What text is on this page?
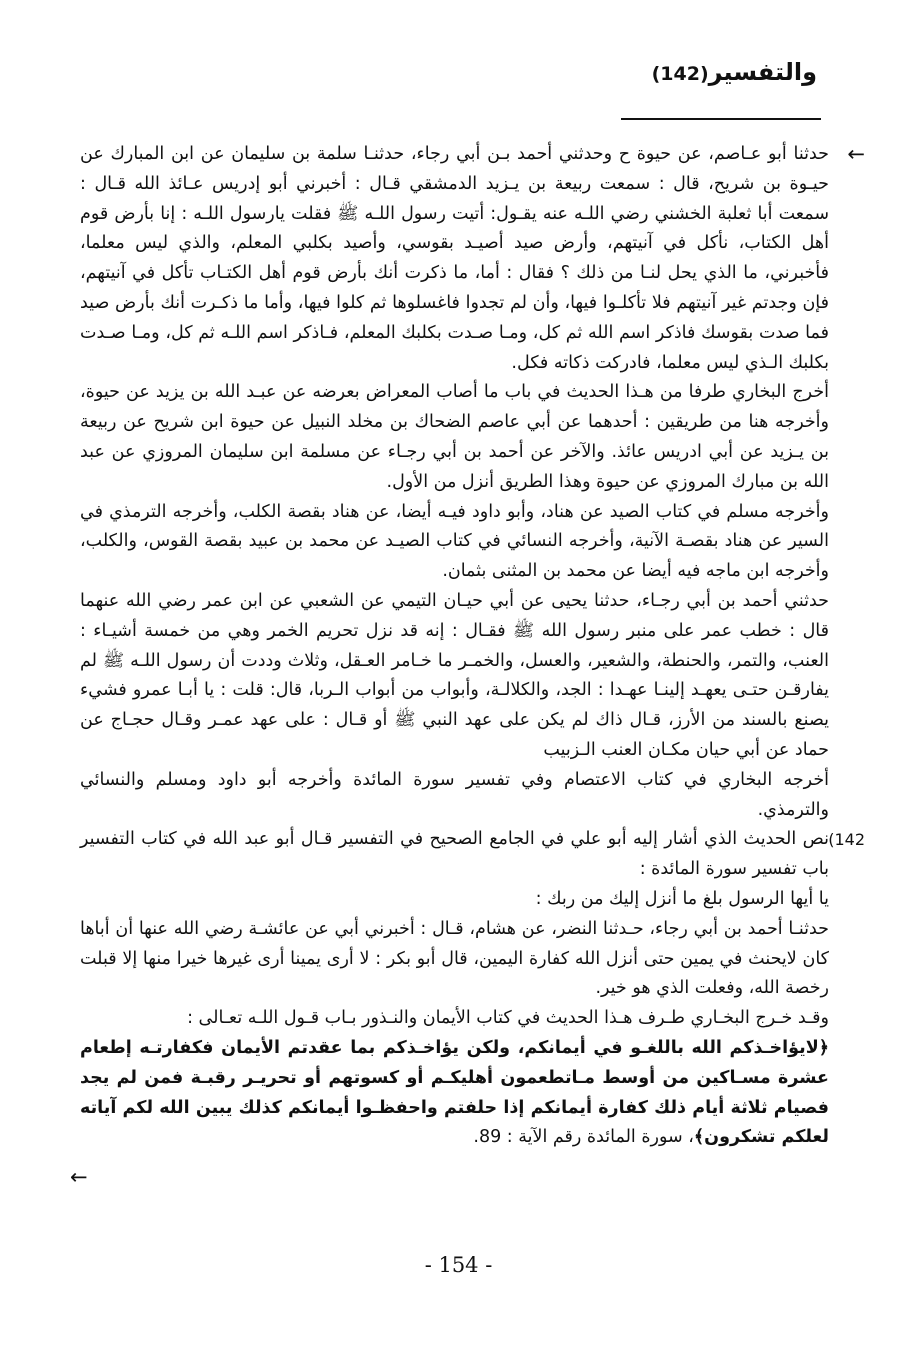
والتفسير(142)
←

حدثنا أبو عـاصم، عن حيوة ح وحدثني أحمد بـن أبي رجاء، حدثنـا سلمة بن سليمان عن ابن المبارك عن حيـوة بن شريح، قال : سمعت ربيعة بن يـزيد الدمشقي قـال : أخبرني أبو إدريس عـائذ الله قـال : سمعت أبا ثعلبة الخشني رضي اللـه عنه يقـول: أتيت رسول اللـه ﷺ فقلت يارسول اللـه : إنا بأرض قوم أهل الكتاب، نأكل في آنيتهم، وأرض صيد أصيـد بقوسي، وأصيد بكلبي المعلم، والذي ليس معلما، فأخبرني، ما الذي يحل لنـا من ذلك ؟ فقال : أما، ما ذكرت أنك بأرض قوم أهل الكتـاب تأكل في آنيتهم، فإن وجدتم غير آنيتهم فلا تأكلـوا فيها، وأن لم تجدوا فاغسلوها ثم كلوا فيها، وأما ما ذكـرت أنك بأرض صيد فما صدت بقوسك فاذكر اسم الله ثم كل، ومـا صـدت بكلبك المعلم، فـاذكر اسم اللـه ثم كل، ومـا صـدت بكلبك الـذي ليس معلما، فادركت ذكاته فكل.

أخرج البخاري طرفا من هـذا الحديث في باب ما أصاب المعراض بعرضه عن عبـد الله بن يزيد عن حيوة، وأخرجه هنا من طريقين : أحدهما عن أبي عاصم الضحاك بن مخلد النبيل عن حيوة ابن شريح عن ربيعة بن يـزيد عن أبي ادريس عائذ. والآخر عن أحمد بن أبي رجـاء عن مسلمة ابن سليمان المروزي عن عبد الله بن مبارك المروزي عن حيوة وهذا الطريق أنزل من الأول.

وأخرجه مسلم في كتاب الصيد عن هناد، وأبو داود فيـه أيضا، عن هناد بقصة الكلب، وأخرجه الترمذي في السير عن هناد بقصـة الآنية، وأخرجه النسائي في كتاب الصيـد عن محمد بن عبيد بقصة القوس، والكلب، وأخرجه ابن ماجه فيه أيضا عن محمد بن المثنى بثمان.

حدثني أحمد بن أبي رجـاء، حدثنا يحيى عن أبي حيـان التيمي عن الشعبي عن ابن عمر رضي الله عنهما قال : خطب عمر على منبر رسول الله ﷺ فقـال : إنه قد نزل تحريم الخمر وهي من خمسة أشيـاء : العنب، والتمر، والحنطة، والشعير، والعسل، والخمـر ما خـامر العـقل، وثلاث وددت أن رسول اللـه ﷺ لم يفارقـن حتـى يعهـد إلينـا عهـدا : الجد، والكلالـة، وأبواب من أبواب الـربا، قال: قلت : يا أبـا عمرو فشيء يصنع بالسند من الأرز، قـال ذاك لم يكن على عهد النبي ﷺ أو قـال : على عهد عمـر وقـال حجـاج عن حماد عن أبي حيان مكـان العنب الـزبيب

أخرجه البخاري في كتاب الاعتصام وفي تفسير سورة المائدة وأخرجه أبو داود ومسلم والنسائي والترمذي.

142)

نص الحديث الذي أشار إليه أبو علي في الجامع الصحيح في التفسير قـال أبو عبد الله في كتاب التفسير باب تفسير سورة المائدة :

يا أيها الرسول بلغ ما أنزل إليك من ربك :

حدثنـا أحمد بن أبي رجاء، حـدثنا النضر، عن هشام، قـال : أخبرني أبي عن عائشـة رضي الله عنها أن أباها كان لايحنث في يمين حتى أنزل الله كفارة اليمين، قال أبو بكر : لا أرى يمينا أرى غيرها خيرا منها إلا قبلت رخصة الله، وفعلت الذي هو خير.

وقـد خـرج البخـاري طـرف هـذا الحديث في كتاب الأيمان والنـذور بـاب قـول اللـه تعـالى :

﴿لايؤاخـذكم الله باللغـو في أيمانكم، ولكن يؤاخـذكم بما عقدتم الأيمان فكفارتـه إطعام عشرة مسـاكين من أوسط مـاتطعمون أهليكـم أو كسوتهم أو تحريـر رقبـة فمن لم يجد فصيام ثلاثة أيام ذلك كفارة أيمانكم إذا حلفتم واحفظـوا أيمانكم كذلك يبين الله لكم آياته لعلكم تشكرون﴾، سورة المائدة رقم الآية : 89.

←
- 154 -
